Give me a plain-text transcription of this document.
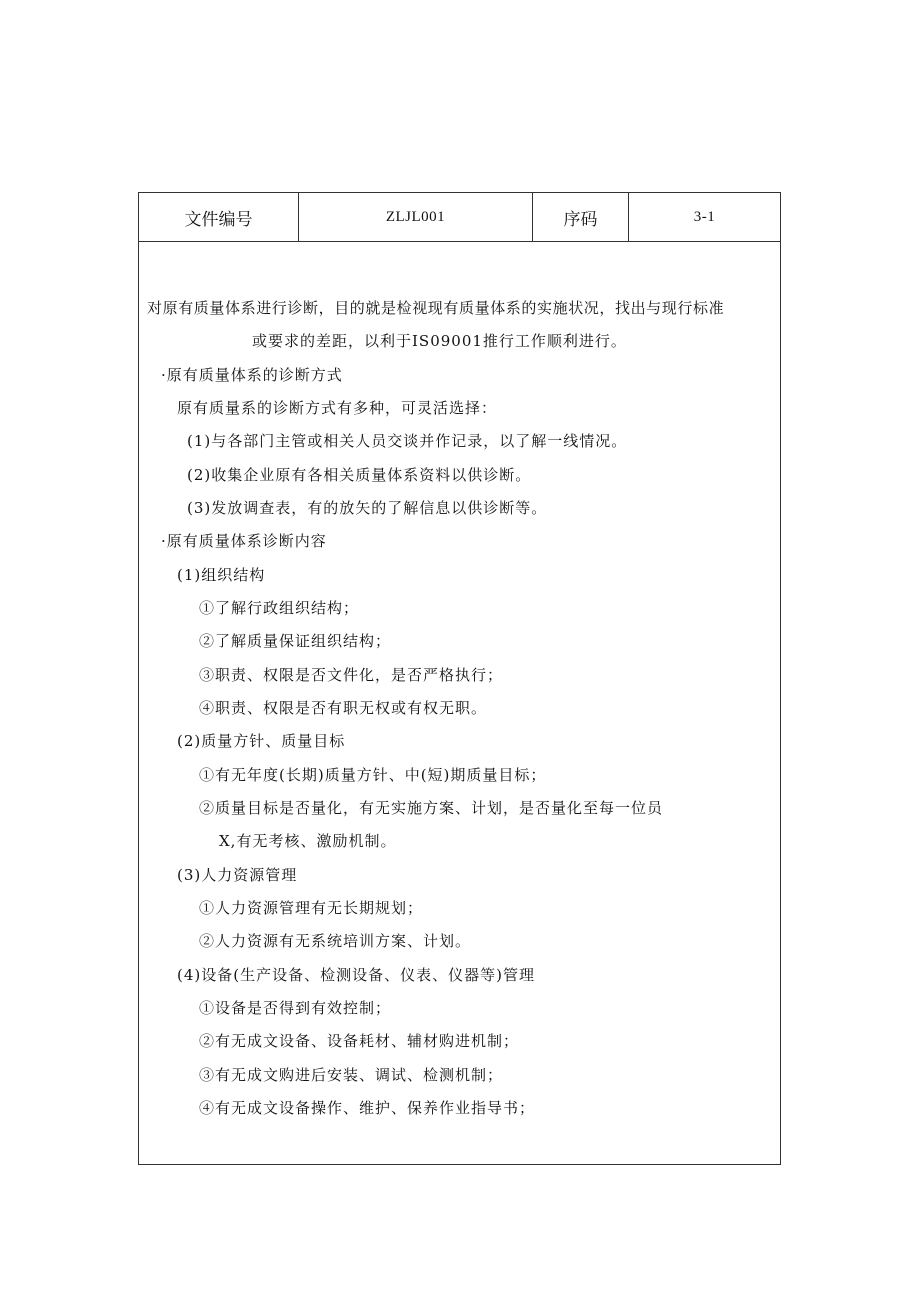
文件编号	ZLJL001	序码	3-1
对原有质量体系进行诊断，目的就是检视现有质量体系的实施状况，找出与现行标准
或要求的差距，以利于IS09001推行工作顺利进行。
·原有质量体系的诊断方式
原有质量系的诊断方式有多种，可灵活选择：
(1)与各部门主管或相关人员交谈并作记录，以了解一线情况。
(2)收集企业原有各相关质量体系资料以供诊断。
(3)发放调查表，有的放矢的了解信息以供诊断等。
·原有质量体系诊断内容
(1)组织结构
①了解行政组织结构；
②了解质量保证组织结构；
③职责、权限是否文件化，是否严格执行；
④职责、权限是否有职无权或有权无职。
(2)质量方针、质量目标
①有无年度(长期)质量方针、中(短)期质量目标；
②质量目标是否量化，有无实施方案、计划，是否量化至每一位员
X,有无考核、激励机制。
(3)人力资源管理
①人力资源管理有无长期规划；
②人力资源有无系统培训方案、计划。
(4)设备(生产设备、检测设备、仪表、仪器等)管理
①设备是否得到有效控制；
②有无成文设备、设备耗材、辅材购进机制；
③有无成文购进后安装、调试、检测机制；
④有无成文设备操作、维护、保养作业指导书；
